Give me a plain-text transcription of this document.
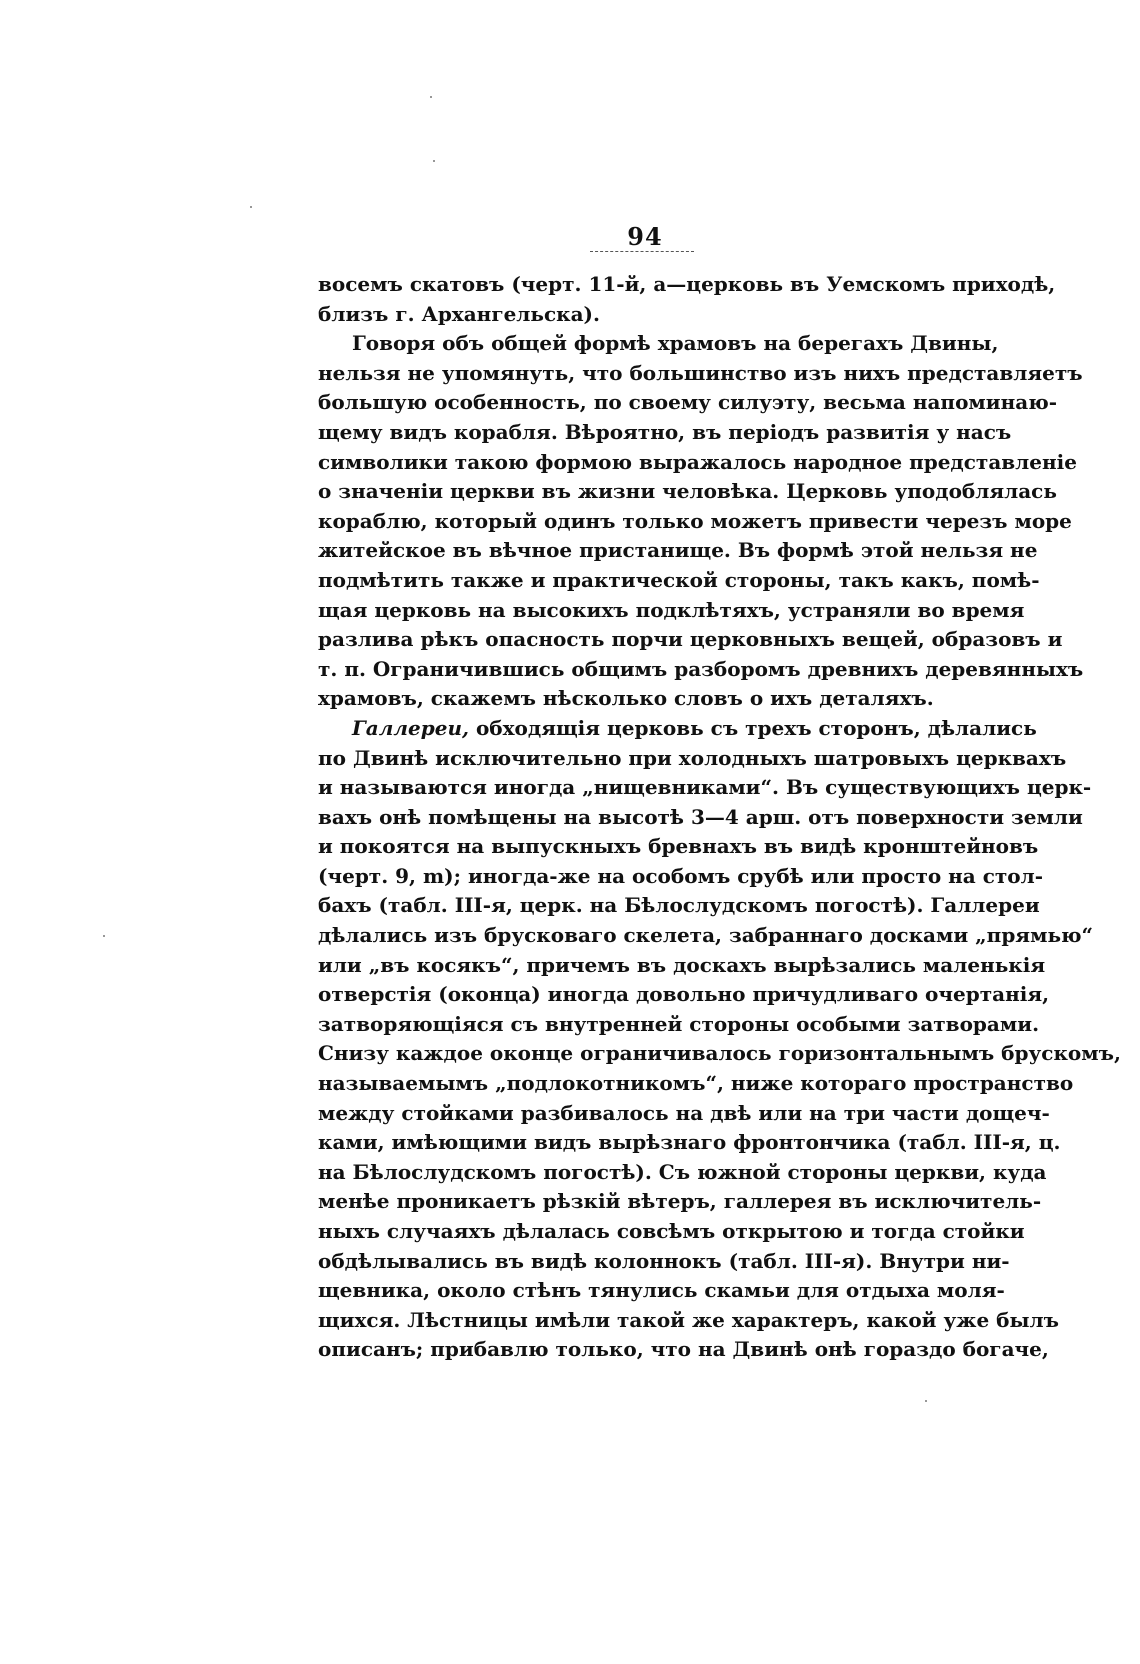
94
восемъ скатовъ (черт. 11-й, а—церковь въ Уемскомъ приходѣ,
близъ г. Архангельска).
Говоря объ общей формѣ храмовъ на берегахъ Двины,
нельзя не упомянуть, что большинство изъ нихъ представляетъ
большую особенность, по своему силуэту, весьма напоминаю-
щему видъ корабля. Вѣроятно, въ періодъ развитія у насъ
символики такою формою выражалось народное представленіе
о значеніи церкви въ жизни человѣка. Церковь уподоблялась
кораблю, который одинъ только можетъ привести черезъ море
житейское въ вѣчное пристанище. Въ формѣ этой нельзя не
подмѣтить также и практической стороны, такъ какъ, помѣ-
щая церковь на высокихъ подклѣтяхъ, устраняли во время
разлива рѣкъ опасность порчи церковныхъ вещей, образовъ и
т. п. Ограничившись общимъ разборомъ древнихъ деревянныхъ
храмовъ, скажемъ нѣсколько словъ о ихъ деталяхъ.
Галлереи, обходящія церковь съ трехъ сторонъ, дѣлались
по Двинѣ исключительно при холодныхъ шатровыхъ церквахъ
и называются иногда „нищевниками“. Въ существующихъ церк-
вахъ онѣ помѣщены на высотѣ 3—4 арш. отъ поверхности земли
и покоятся на выпускныхъ бревнахъ въ видѣ кронштейновъ
(черт. 9, m); иногда-же на особомъ срубѣ или просто на стол-
бахъ (табл. III-я, церк. на Бѣлослудскомъ погостѣ). Галлереи
дѣлались изъ брусковаго скелета, забраннаго досками „прямью“
или „въ косякъ“, причемъ въ доскахъ вырѣзались маленькія
отверстія (оконца) иногда довольно причудливаго очертанія,
затворяющіяся съ внутренней стороны особыми затворами.
Снизу каждое оконце ограничивалось горизонтальнымъ брускомъ,
называемымъ „подлокотникомъ“, ниже котораго пространство
между стойками разбивалось на двѣ или на три части дощеч-
ками, имѣющими видъ вырѣзнаго фронтончика (табл. III-я, ц.
на Бѣлослудскомъ погостѣ). Съ южной стороны церкви, куда
менѣе проникаетъ рѣзкій вѣтеръ, галлерея въ исключитель-
ныхъ случаяхъ дѣлалась совсѣмъ открытою и тогда стойки
обдѣлывались въ видѣ колоннокъ (табл. III-я). Внутри ни-
щевника, около стѣнъ тянулись скамьи для отдыха моля-
щихся. Лѣстницы имѣли такой же характеръ, какой уже былъ
описанъ; прибавлю только, что на Двинѣ онѣ гораздо богаче,
